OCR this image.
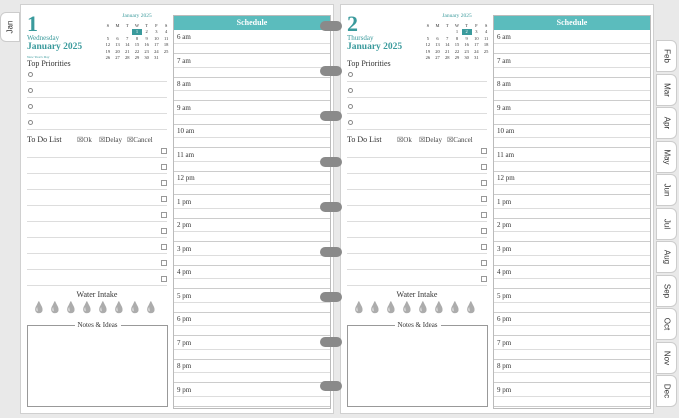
Jan
Feb
Mar
Apr
May
Jun
Jul
Aug
Sep
Oct
Nov
Dec
1
Wednesday
January 2025
New Year's Day
January 2025
S	M	T	W	T	F	S
			1	2	3	4
5	6	7	8	9	10	11
12	13	14	15	16	17	18
19	20	21	22	23	24	25
26	27	28	29	30	31	
Top Priorities
To Do List ☒Ok ☒Delay ☒Cancel
Water Intake
💧 💧 💧 💧 💧 💧 💧 💧
Notes & Ideas
Schedule
6 am
7 am
8 am
9 am
10 am
11 am
12 pm
1 pm
2 pm
3 pm
4 pm
5 pm
6 pm
7 pm
8 pm
9 pm
2
Thursday
January 2025
January 2025
S	M	T	W	T	F	S
			1	2	3	4
5	6	7	8	9	10	11
12	13	14	15	16	17	18
19	20	21	22	23	24	25
26	27	28	29	30	31	
Top Priorities
To Do List ☒Ok ☒Delay ☒Cancel
Water Intake
💧 💧 💧 💧 💧 💧 💧 💧
Notes & Ideas
Schedule
6 am
7 am
8 am
9 am
10 am
11 am
12 pm
1 pm
2 pm
3 pm
4 pm
5 pm
6 pm
7 pm
8 pm
9 pm
